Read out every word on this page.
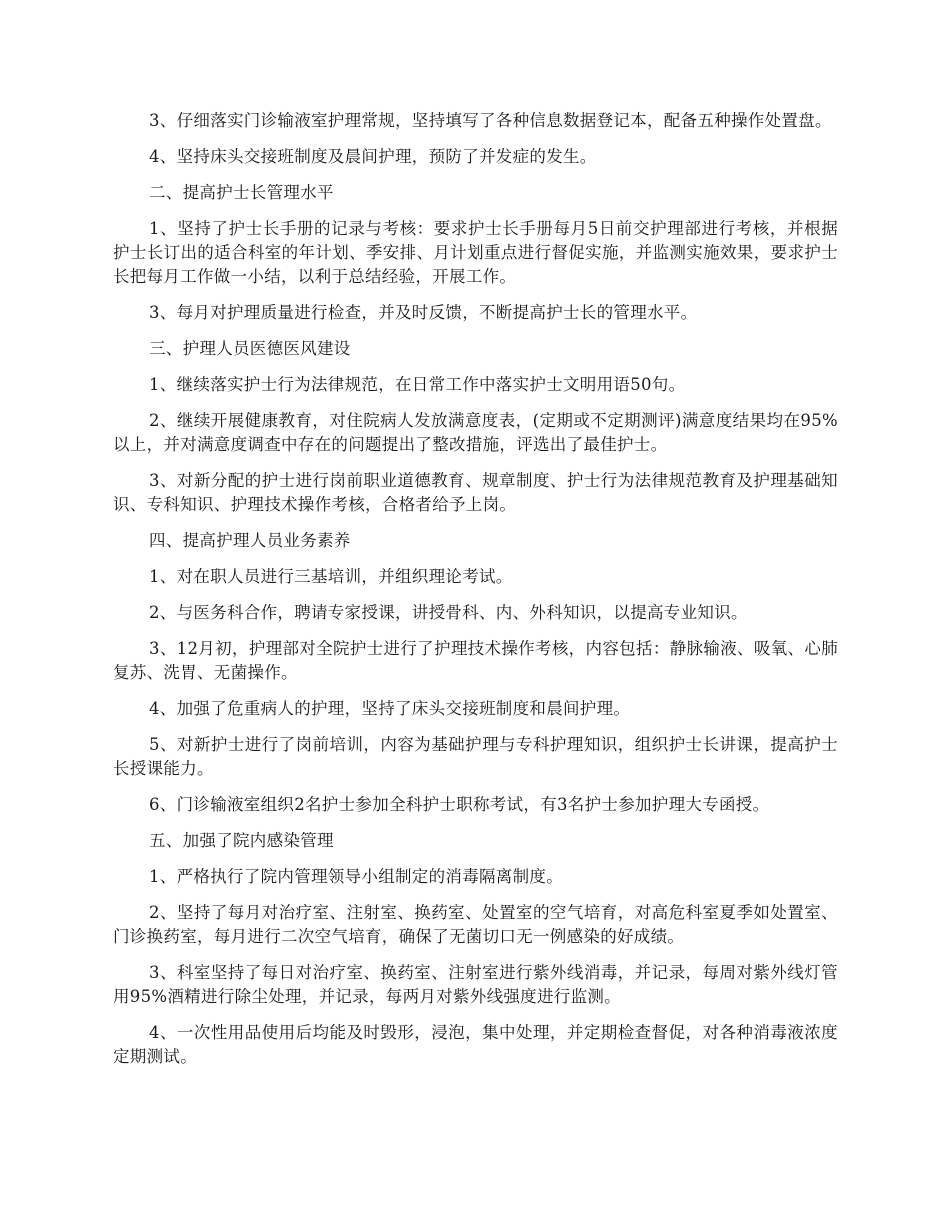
3、仔细落实门诊输液室护理常规，坚持填写了各种信息数据登记本，配备五种操作处置盘。

4、坚持床头交接班制度及晨间护理，预防了并发症的发生。

二、提高护士长管理水平

1、坚持了护士长手册的记录与考核：要求护士长手册每月5日前交护理部进行考核，并根据护士长订出的适合科室的年计划、季安排、月计划重点进行督促实施，并监测实施效果，要求护士长把每月工作做一小结，以利于总结经验，开展工作。

3、每月对护理质量进行检查，并及时反馈，不断提高护士长的管理水平。

三、护理人员医德医风建设

1、继续落实护士行为法律规范，在日常工作中落实护士文明用语50句。

2、继续开展健康教育，对住院病人发放满意度表，(定期或不定期测评)满意度结果均在95%以上，并对满意度调查中存在的问题提出了整改措施，评选出了最佳护士。

3、对新分配的护士进行岗前职业道德教育、规章制度、护士行为法律规范教育及护理基础知识、专科知识、护理技术操作考核，合格者给予上岗。

四、提高护理人员业务素养

1、对在职人员进行三基培训，并组织理论考试。

2、与医务科合作，聘请专家授课，讲授骨科、内、外科知识，以提高专业知识。

3、12月初，护理部对全院护士进行了护理技术操作考核，内容包括：静脉输液、吸氧、心肺复苏、洗胃、无菌操作。

4、加强了危重病人的护理，坚持了床头交接班制度和晨间护理。

5、对新护士进行了岗前培训，内容为基础护理与专科护理知识，组织护士长讲课，提高护士长授课能力。

6、门诊输液室组织2名护士参加全科护士职称考试，有3名护士参加护理大专函授。

五、加强了院内感染管理

1、严格执行了院内管理领导小组制定的消毒隔离制度。

2、坚持了每月对治疗室、注射室、换药室、处置室的空气培育，对高危科室夏季如处置室、门诊换药室，每月进行二次空气培育，确保了无菌切口无一例感染的好成绩。

3、科室坚持了每日对治疗室、换药室、注射室进行紫外线消毒，并记录，每周对紫外线灯管用95%酒精进行除尘处理，并记录，每两月对紫外线强度进行监测。

4、一次性用品使用后均能及时毁形，浸泡，集中处理，并定期检查督促，对各种消毒液浓度定期测试。
